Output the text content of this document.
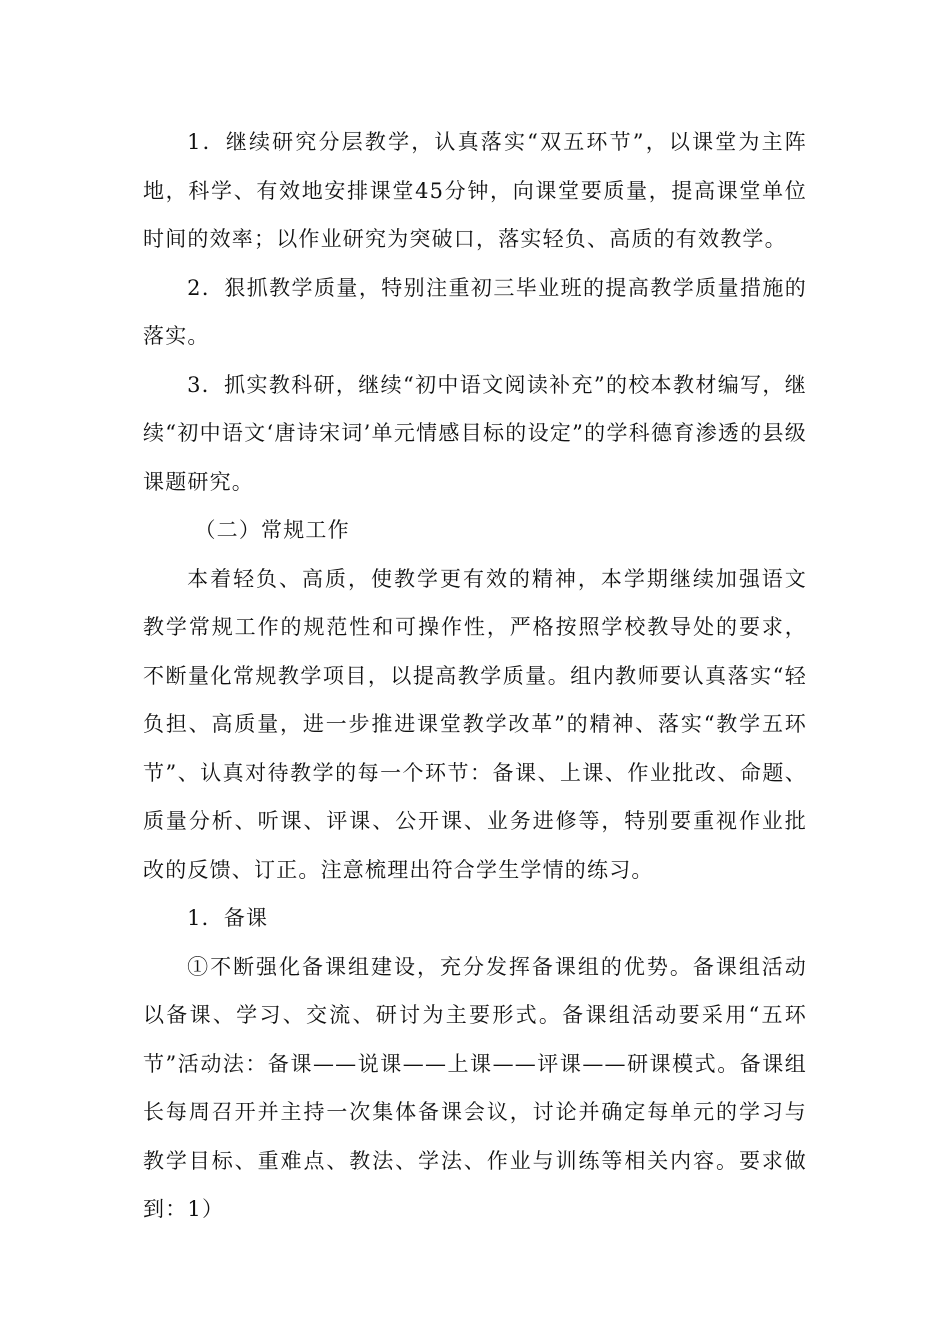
1．继续研究分层教学，认真落实“双五环节”，以课堂为主阵地，科学、有效地安排课堂45分钟，向课堂要质量，提高课堂单位时间的效率；以作业研究为突破口，落实轻负、高质的有效教学。

2．狠抓教学质量，特别注重初三毕业班的提高教学质量措施的落实。

3．抓实教科研，继续“初中语文阅读补充”的校本教材编写，继续“初中语文‘唐诗宋词’单元情感目标的设定”的学科德育渗透的县级课题研究。

（二）常规工作

本着轻负、高质，使教学更有效的精神，本学期继续加强语文教学常规工作的规范性和可操作性，严格按照学校教导处的要求，不断量化常规教学项目，以提高教学质量。组内教师要认真落实“轻负担、高质量，进一步推进课堂教学改革”的精神、落实“教学五环节”、认真对待教学的每一个环节：备课、上课、作业批改、命题、质量分析、听课、评课、公开课、业务进修等，特别要重视作业批改的反馈、订正。注意梳理出符合学生学情的练习。

1．备课

①不断强化备课组建设，充分发挥备课组的优势。备课组活动以备课、学习、交流、研讨为主要形式。备课组活动要采用“五环节”活动法：备课——说课——上课——评课——研课模式。备课组长每周召开并主持一次集体备课会议，讨论并确定每单元的学习与教学目标、重难点、教法、学法、作业与训练等相关内容。要求做到：1）
